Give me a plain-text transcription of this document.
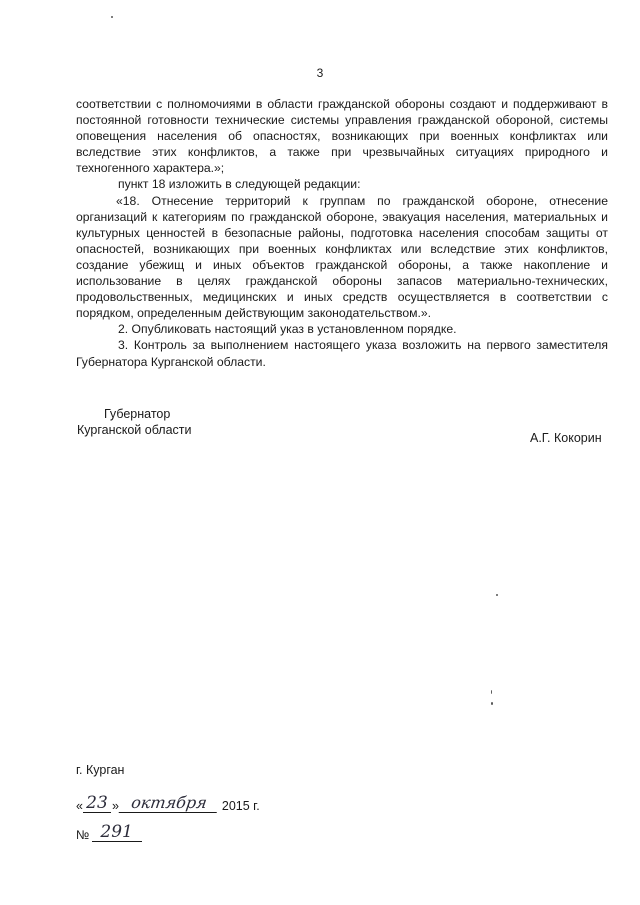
3

соответствии с полномочиями в области гражданской обороны создают и поддерживают в постоянной готовности технические системы управления гражданской обороной, системы оповещения населения об опасностях, возникающих при военных конфликтах или вследствие этих конфликтов, а также при чрезвычайных ситуациях природного и техногенного характера.»;

пункт 18 изложить в следующей редакции:

«18. Отнесение территорий к группам по гражданской обороне, отнесение организаций к категориям по гражданской обороне, эвакуация населения, материальных и культурных ценностей в безопасные районы, подготовка населения способам защиты от опасностей, возникающих при военных конфликтах или вследствие этих конфликтов, создание убежищ и иных объектов гражданской обороны, а также накопление и использование в целях гражданской обороны запасов материально-технических, продовольственных, медицинских и иных средств осуществляется в соответствии с порядком, определенным действующим законодательством.».

2. Опубликовать настоящий указ в установленном порядке.

3. Контроль за выполнением настоящего указа возложить на первого заместителя Губернатора Курганской области.

Губернатор
Курганской области
А.Г. Кокорин
г. Курган
« 23 » октября	2015 г.
№ 291
